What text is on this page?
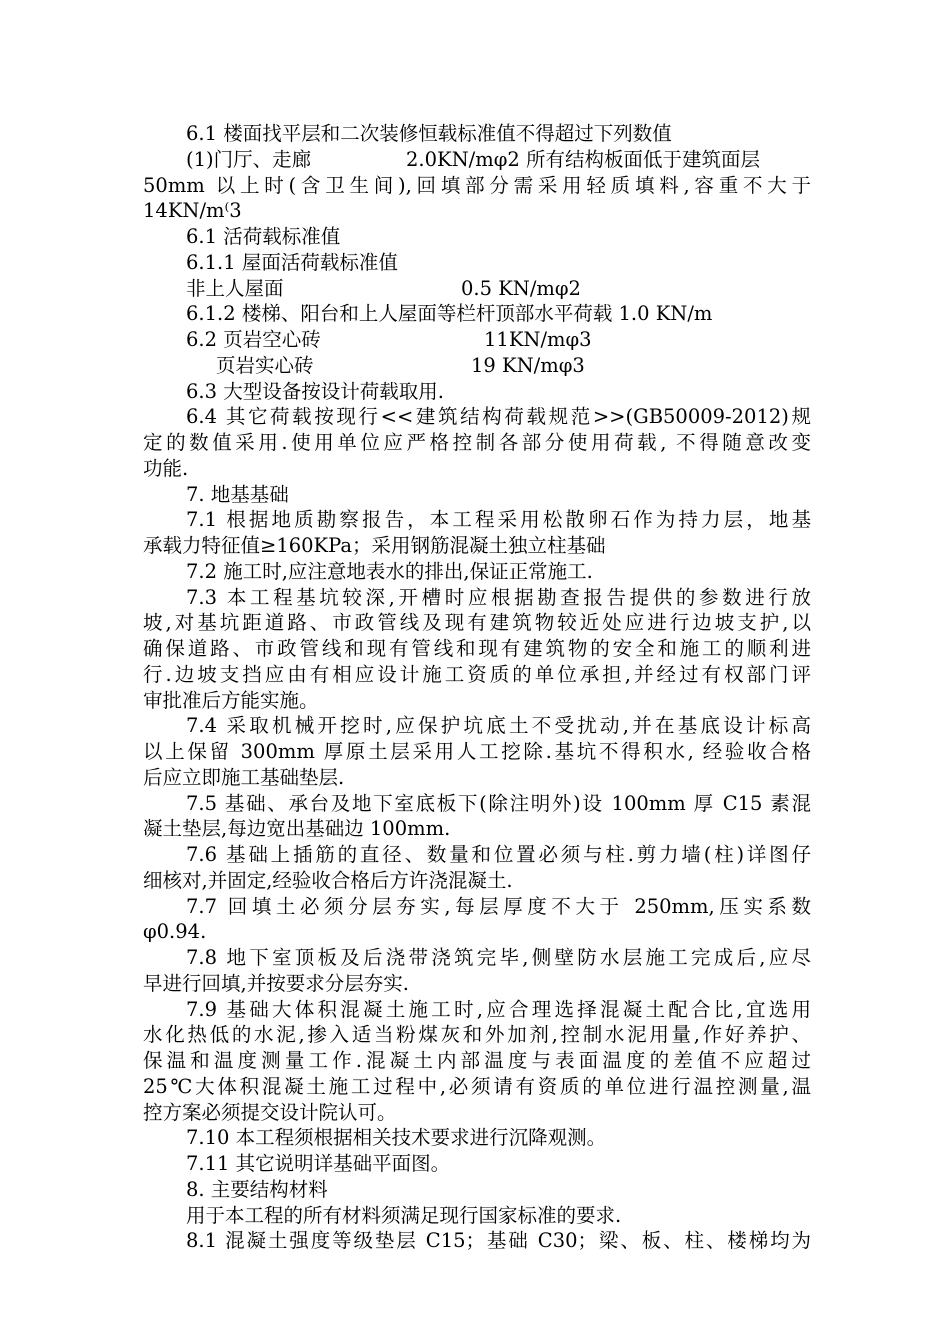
6.1 楼面找平层和二次装修恒载标准值不得超过下列数值
(1)门厅、走廊	2.0KN/mφ2 所有结构板面低于建筑面层
50mm 以上时(含卫生间),回填部分需采用轻质填料,容重不大于
14KN/m⁽3
6.1 活荷载标准值
6.1.1 屋面活荷载标准值
非上人屋面	0.5 KN/mφ2
6.1.2 楼梯、阳台和上人屋面等栏杆顶部水平荷载 1.0 KN/m
6.2 页岩空心砖	11KN/mφ3
页岩实心砖	19 KN/mφ3
6.3 大型设备按设计荷载取用.
6.4 其它荷载按现行<<建筑结构荷载规范>>(GB50009-2012)规
定的数值采用.使用单位应严格控制各部分使用荷载, 不得随意改变
功能.
7. 地基基础
7.1 根据地质勘察报告，本工程采用松散卵石作为持力层，地基
承载力特征值≥160KPa；采用钢筋混凝土独立柱基础
7.2 施工时,应注意地表水的排出,保证正常施工.
7.3 本工程基坑较深,开槽时应根据勘查报告提供的参数进行放
坡,对基坑距道路、市政管线及现有建筑物较近处应进行边坡支护,以
确保道路、市政管线和现有管线和现有建筑物的安全和施工的顺利进
行.边坡支挡应由有相应设计施工资质的单位承担,并经过有权部门评
审批准后方能实施。
7.4 采取机械开挖时,应保护坑底土不受扰动,并在基底设计标高
以上保留 300mm 厚原土层采用人工挖除.基坑不得积水, 经验收合格
后应立即施工基础垫层.
7.5 基础、承台及地下室底板下(除注明外)设 100mm 厚 C15 素混
凝土垫层,每边宽出基础边 100mm.
7.6 基础上插筋的直径、数量和位置必须与柱.剪力墙(柱)详图仔
细核对,并固定,经验收合格后方许浇混凝土.
7.7 回填土必须分层夯实,每层厚度不大于 250mm,压实系数
φ0.94.
7.8 地下室顶板及后浇带浇筑完毕,侧壁防水层施工完成后,应尽
早进行回填,并按要求分层夯实.
7.9 基础大体积混凝土施工时,应合理选择混凝土配合比,宜选用
水化热低的水泥,掺入适当粉煤灰和外加剂,控制水泥用量,作好养护、
保温和温度测量工作.混凝土内部温度与表面温度的差值不应超过
25℃大体积混凝土施工过程中,必须请有资质的单位进行温控测量,温
控方案必须提交设计院认可。
7.10 本工程须根据相关技术要求进行沉降观测。
7.11 其它说明详基础平面图。
8. 主要结构材料
用于本工程的所有材料须满足现行国家标准的要求.
8.1 混凝土强度等级垫层 C15；基础 C30；梁、板、柱、楼梯均为
